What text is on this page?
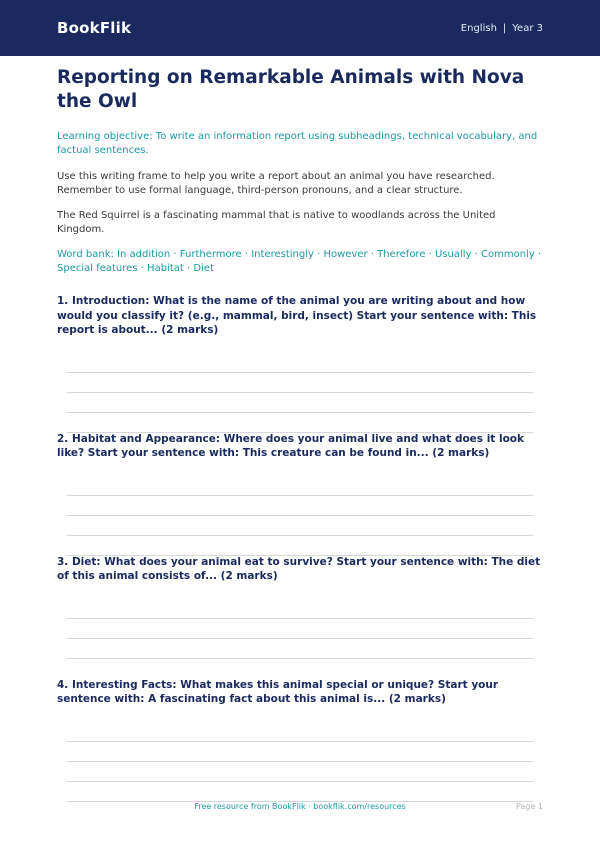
BookFlik	English | Year 3
Reporting on Remarkable Animals with Nova the Owl

Learning objective: To write an information report using subheadings, technical vocabulary, and factual sentences.

Use this writing frame to help you write a report about an animal you have researched. Remember to use formal language, third-person pronouns, and a clear structure.

The Red Squirrel is a fascinating mammal that is native to woodlands across the United Kingdom.

Word bank: In addition · Furthermore · Interestingly · However · Therefore · Usually · Commonly · Special features · Habitat · Diet

1. Introduction: What is the name of the animal you are writing about and how would you classify it? (e.g., mammal, bird, insect) Start your sentence with: This report is about... (2 marks)
2. Habitat and Appearance: Where does your animal live and what does it look like? Start your sentence with: This creature can be found in... (2 marks)
3. Diet: What does your animal eat to survive? Start your sentence with: The diet of this animal consists of... (2 marks)
4. Interesting Facts: What makes this animal special or unique? Start your sentence with: A fascinating fact about this animal is... (2 marks)
Free resource from BookFlik · bookflik.com/resources	Page 1
